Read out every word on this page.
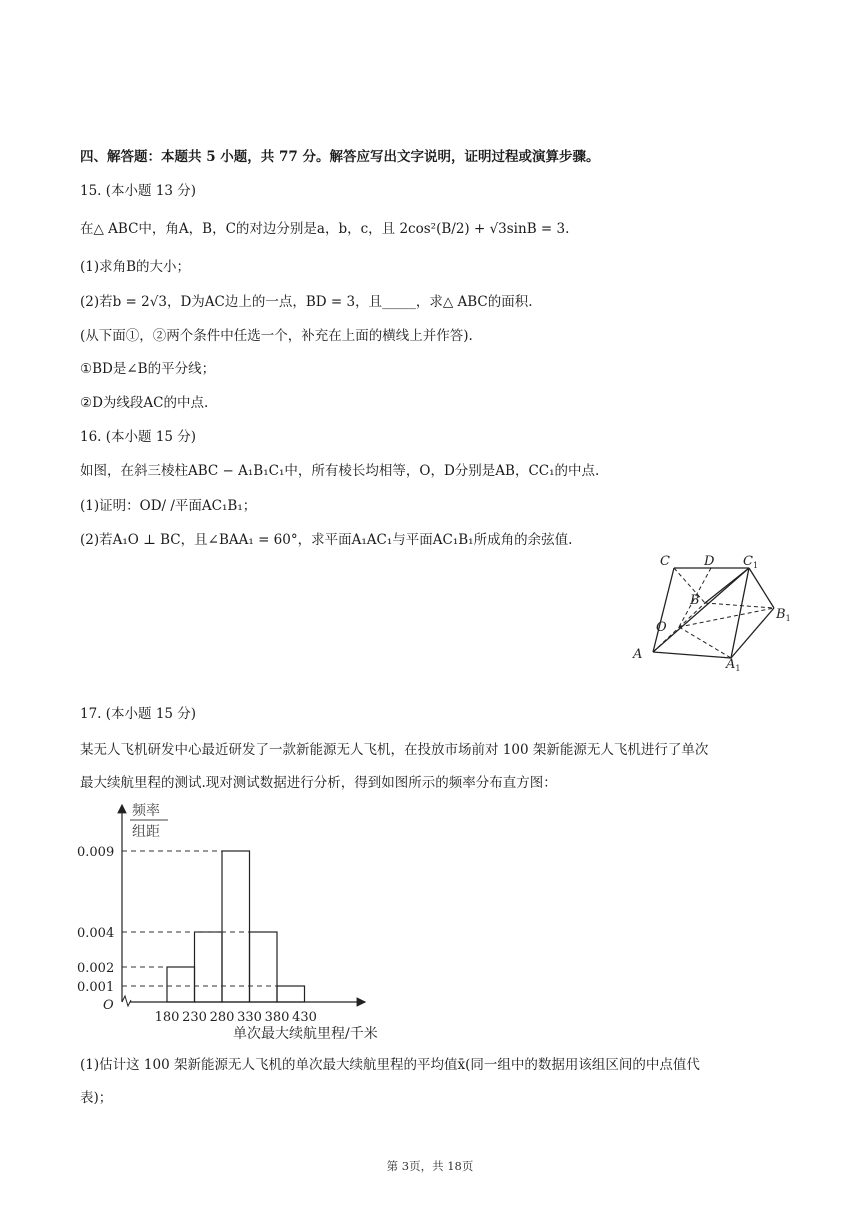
四、解答题：本题共 5 小题，共 77 分。解答应写出文字说明，证明过程或演算步骤。
15. (本小题 13 分)
在△ ABC中，角A，B，C的对边分别是a，b，c，且 2cos²(B/2) + √3sinB = 3.
(1)求角B的大小；
(2)若b = 2√3，D为AC边上的一点，BD = 3，且_____，求△ ABC的面积.
(从下面①，②两个条件中任选一个，补充在上面的横线上并作答).
①BD是∠B的平分线；
②D为线段AC的中点.
16. (本小题 15 分)
如图，在斜三棱柱ABC − A₁B₁C₁中，所有棱长均相等，O，D分别是AB，CC₁的中点.
(1)证明：OD/ /平面AC₁B₁；
(2)若A₁O ⊥ BC，且∠BAA₁ = 60°，求平面A₁AC₁与平面AC₁B₁所成角的余弦值.
C	D $C_1$
B
$B_1$
O
A
$A_1$
17. (本小题 15 分)
某无人飞机研发中心最近研发了一款新能源无人飞机，在投放市场前对 100 架新能源无人飞机进行了单次
最大续航里程的测试.现对测试数据进行分析，得到如图所示的频率分布直方图：
频率
组距
O
单次最大续航里程/千米
0.009
0.004
0.002
0.001
180 230 280 330 380 430
(1)估计这 100 架新能源无人飞机的单次最大续航里程的平均值x̄(同一组中的数据用该组区间的中点值代
表)；
第 3页，共 18页
